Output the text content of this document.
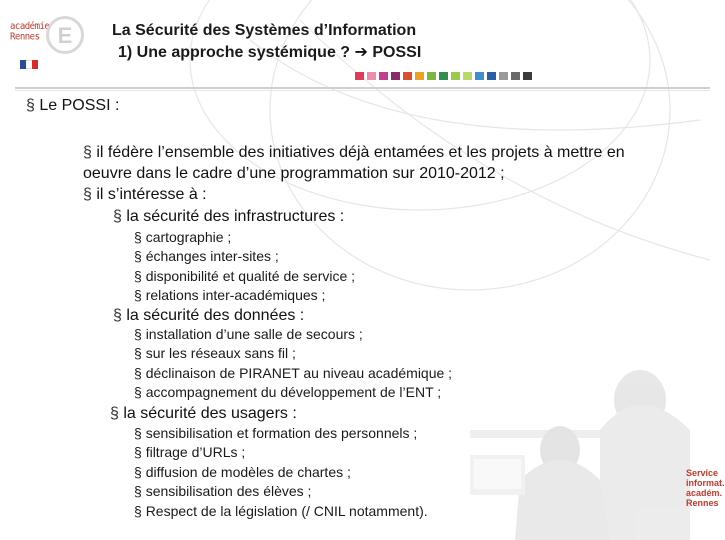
académie
Rennes E	La Sécurité des Systèmes d’Information
1) Une approche systémique ? ➔ POSSI
§ Le POSSI :
§ il fédère l’ensemble des initiatives déjà entamées et les projets à mettre en
oeuvre dans le cadre d’une programmation sur 2010-2012 ;
§ il s’intéresse à :
§ la sécurité des infrastructures :
§ cartographie ;
§ échanges inter-sites ;
§ disponibilité et qualité de service ;
§ relations inter-académiques ;
§ la sécurité des données :
§ installation d’une salle de secours ;
§ sur les réseaux sans fil ;
§ déclinaison de PIRANET au niveau académique ;
§ accompagnement du développement de l’ENT ;
§ la sécurité des usagers :
§ sensibilisation et formation des personnels ;
§ filtrage d’URLs ;
§ diffusion de modèles de chartes ;
§ sensibilisation des élèves ;
§ Respect de la législation (/ CNIL notamment).
Service
informat.
académ.
Rennes
